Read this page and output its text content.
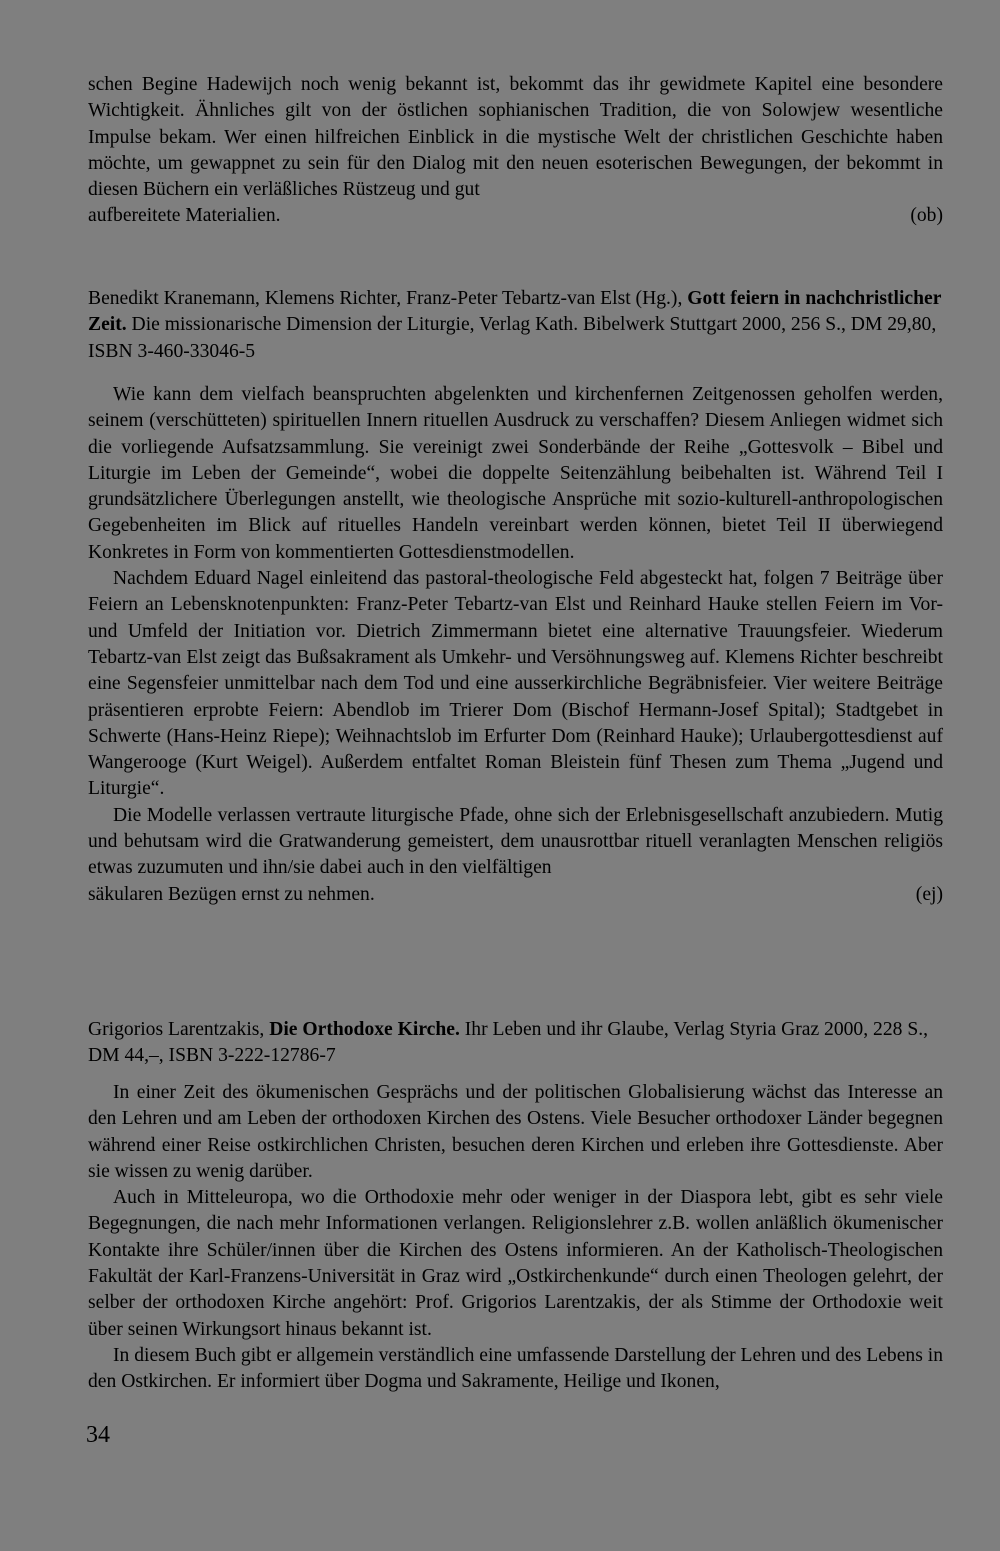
schen Begine Hadewijch noch wenig bekannt ist, bekommt das ihr gewidmete Kapitel eine besondere Wichtigkeit. Ähnliches gilt von der östlichen sophianischen Tradition, die von Solowjew wesentliche Impulse bekam. Wer einen hilfreichen Einblick in die mystische Welt der christlichen Geschichte haben möchte, um gewappnet zu sein für den Dialog mit den neuen esoterischen Bewegungen, der bekommt in diesen Büchern ein verläßliches Rüstzeug und gut

aufbereitete Materialien.	(ob)
Benedikt Kranemann, Klemens Richter, Franz-Peter Tebartz-van Elst (Hg.), Gott feiern in nachchristlicher Zeit. Die missionarische Dimension der Liturgie, Verlag Kath. Bibelwerk Stuttgart 2000, 256 S., DM 29,80, ISBN 3-460-33046-5

Wie kann dem vielfach beanspruchten abgelenkten und kirchenfernen Zeitgenossen geholfen werden, seinem (verschütteten) spirituellen Innern rituellen Ausdruck zu verschaffen? Diesem Anliegen widmet sich die vorliegende Aufsatzsammlung. Sie vereinigt zwei Sonderbände der Reihe „Gottesvolk – Bibel und Liturgie im Leben der Gemeinde“, wobei die doppelte Seitenzählung beibehalten ist. Während Teil I grundsätzlichere Überlegungen anstellt, wie theologische Ansprüche mit sozio-kulturell-anthropologischen Gegebenheiten im Blick auf rituelles Handeln vereinbart werden können, bietet Teil II überwiegend Konkretes in Form von kommentierten Gottesdienstmodellen.

Nachdem Eduard Nagel einleitend das pastoral-theologische Feld abgesteckt hat, folgen 7 Beiträge über Feiern an Lebensknotenpunkten: Franz-Peter Tebartz-van Elst und Reinhard Hauke stellen Feiern im Vor- und Umfeld der Initiation vor. Dietrich Zimmermann bietet eine alternative Trauungsfeier. Wiederum Tebartz-van Elst zeigt das Bußsakrament als Umkehr- und Versöhnungsweg auf. Klemens Richter beschreibt eine Segensfeier unmittelbar nach dem Tod und eine ausserkirchliche Begräbnisfeier. Vier weitere Beiträge präsentieren erprobte Feiern: Abendlob im Trierer Dom (Bischof Hermann-Josef Spital); Stadtgebet in Schwerte (Hans-Heinz Riepe); Weihnachtslob im Erfurter Dom (Reinhard Hauke); Urlaubergottesdienst auf Wangerooge (Kurt Weigel). Außerdem entfaltet Roman Bleistein fünf Thesen zum Thema „Jugend und Liturgie“.

Die Modelle verlassen vertraute liturgische Pfade, ohne sich der Erlebnisgesellschaft anzubiedern. Mutig und behutsam wird die Gratwanderung gemeistert, dem unausrottbar rituell veranlagten Menschen religiös etwas zuzumuten und ihn/sie dabei auch in den vielfältigen

säkularen Bezügen ernst zu nehmen.	(ej)
Grigorios Larentzakis, Die Orthodoxe Kirche. Ihr Leben und ihr Glaube, Verlag Styria Graz 2000, 228 S., DM 44,–, ISBN 3-222-12786-7

In einer Zeit des ökumenischen Gesprächs und der politischen Globalisierung wächst das Interesse an den Lehren und am Leben der orthodoxen Kirchen des Ostens. Viele Besucher orthodoxer Länder begegnen während einer Reise ostkirchlichen Christen, besuchen deren Kirchen und erleben ihre Gottesdienste. Aber sie wissen zu wenig darüber.

Auch in Mitteleuropa, wo die Orthodoxie mehr oder weniger in der Diaspora lebt, gibt es sehr viele Begegnungen, die nach mehr Informationen verlangen. Religionslehrer z.B. wollen anläßlich ökumenischer Kontakte ihre Schüler/innen über die Kirchen des Ostens informieren. An der Katholisch-Theologischen Fakultät der Karl-Franzens-Universität in Graz wird „Ostkirchenkunde“ durch einen Theologen gelehrt, der selber der orthodoxen Kirche angehört: Prof. Grigorios Larentzakis, der als Stimme der Orthodoxie weit über seinen Wirkungsort hinaus bekannt ist.

In diesem Buch gibt er allgemein verständlich eine umfassende Darstellung der Lehren und des Lebens in den Ostkirchen. Er informiert über Dogma und Sakramente, Heilige und Ikonen,

34
